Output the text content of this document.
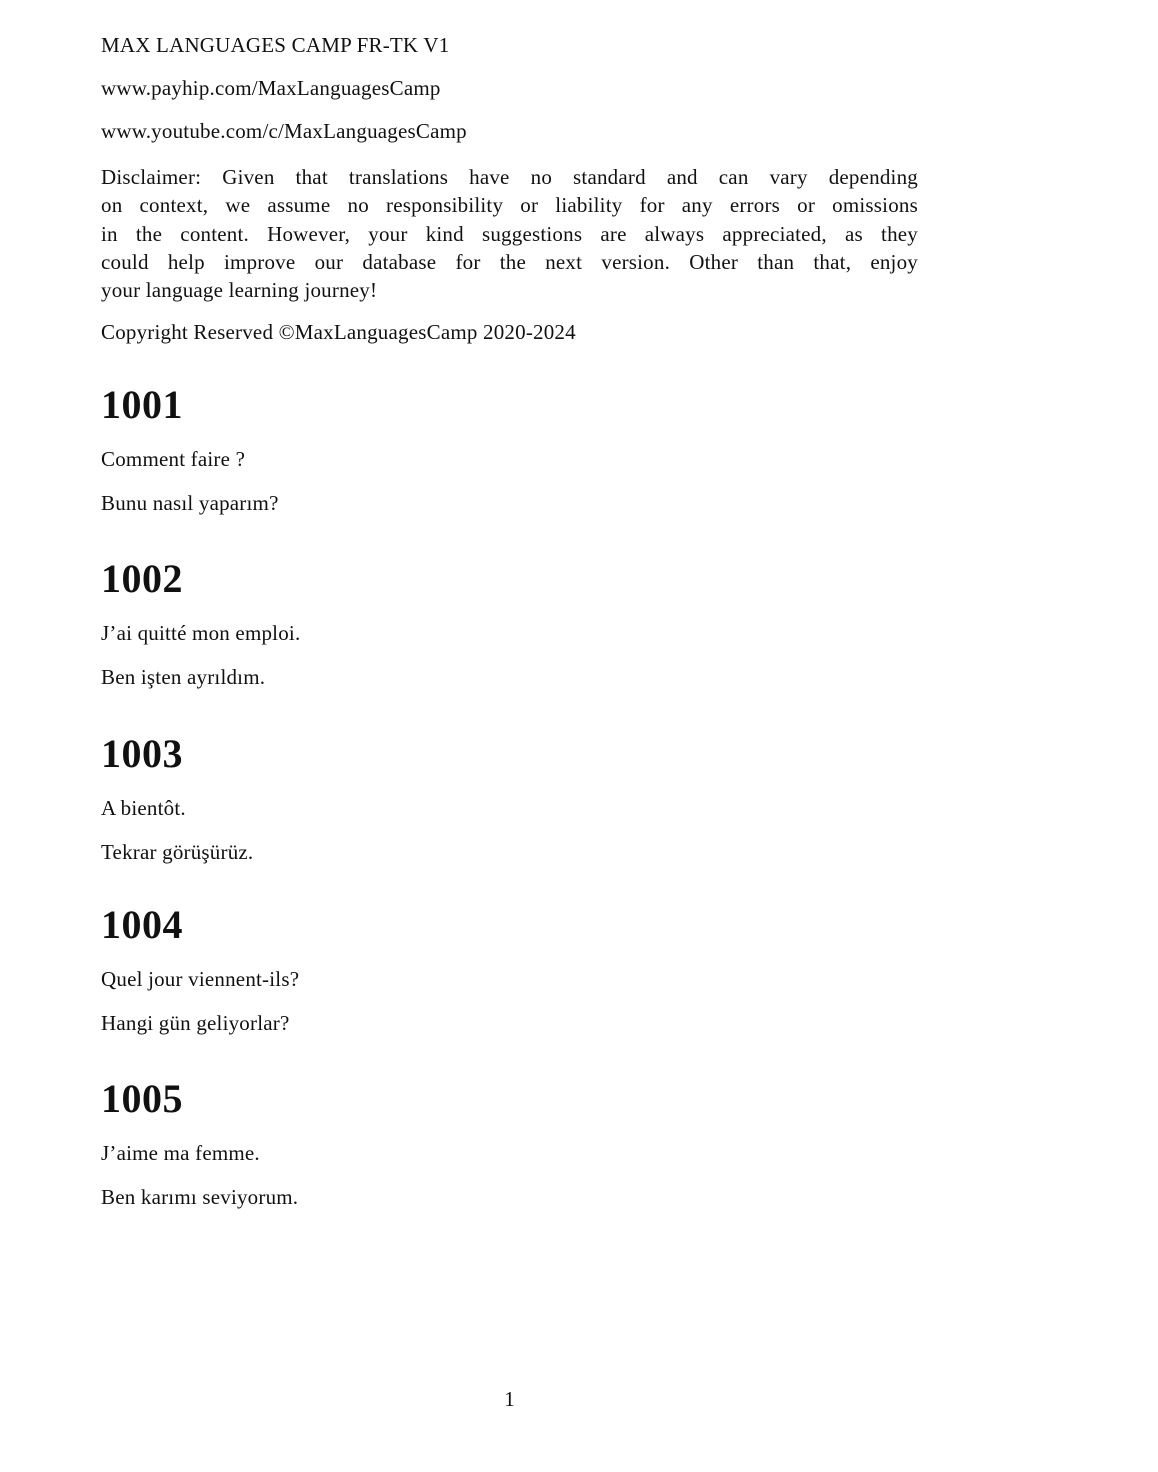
MAX LANGUAGES CAMP FR-TK V1
www.payhip.com/MaxLanguagesCamp
www.youtube.com/c/MaxLanguagesCamp
Disclaimer: Given that translations have no standard and can vary depending
on context, we assume no responsibility or liability for any errors or omissions
in the content. However, your kind suggestions are always appreciated, as they
could help improve our database for the next version. Other than that, enjoy
your language learning journey!
Copyright Reserved ©MaxLanguagesCamp 2020-2024
1001

Comment faire ?

Bunu nasıl yaparım?

1002

J’ai quitté mon emploi.

Ben işten ayrıldım.

1003

A bientôt.

Tekrar görüşürüz.

1004

Quel jour viennent-ils?

Hangi gün geliyorlar?

1005

J’aime ma femme.

Ben karımı seviyorum.

1
